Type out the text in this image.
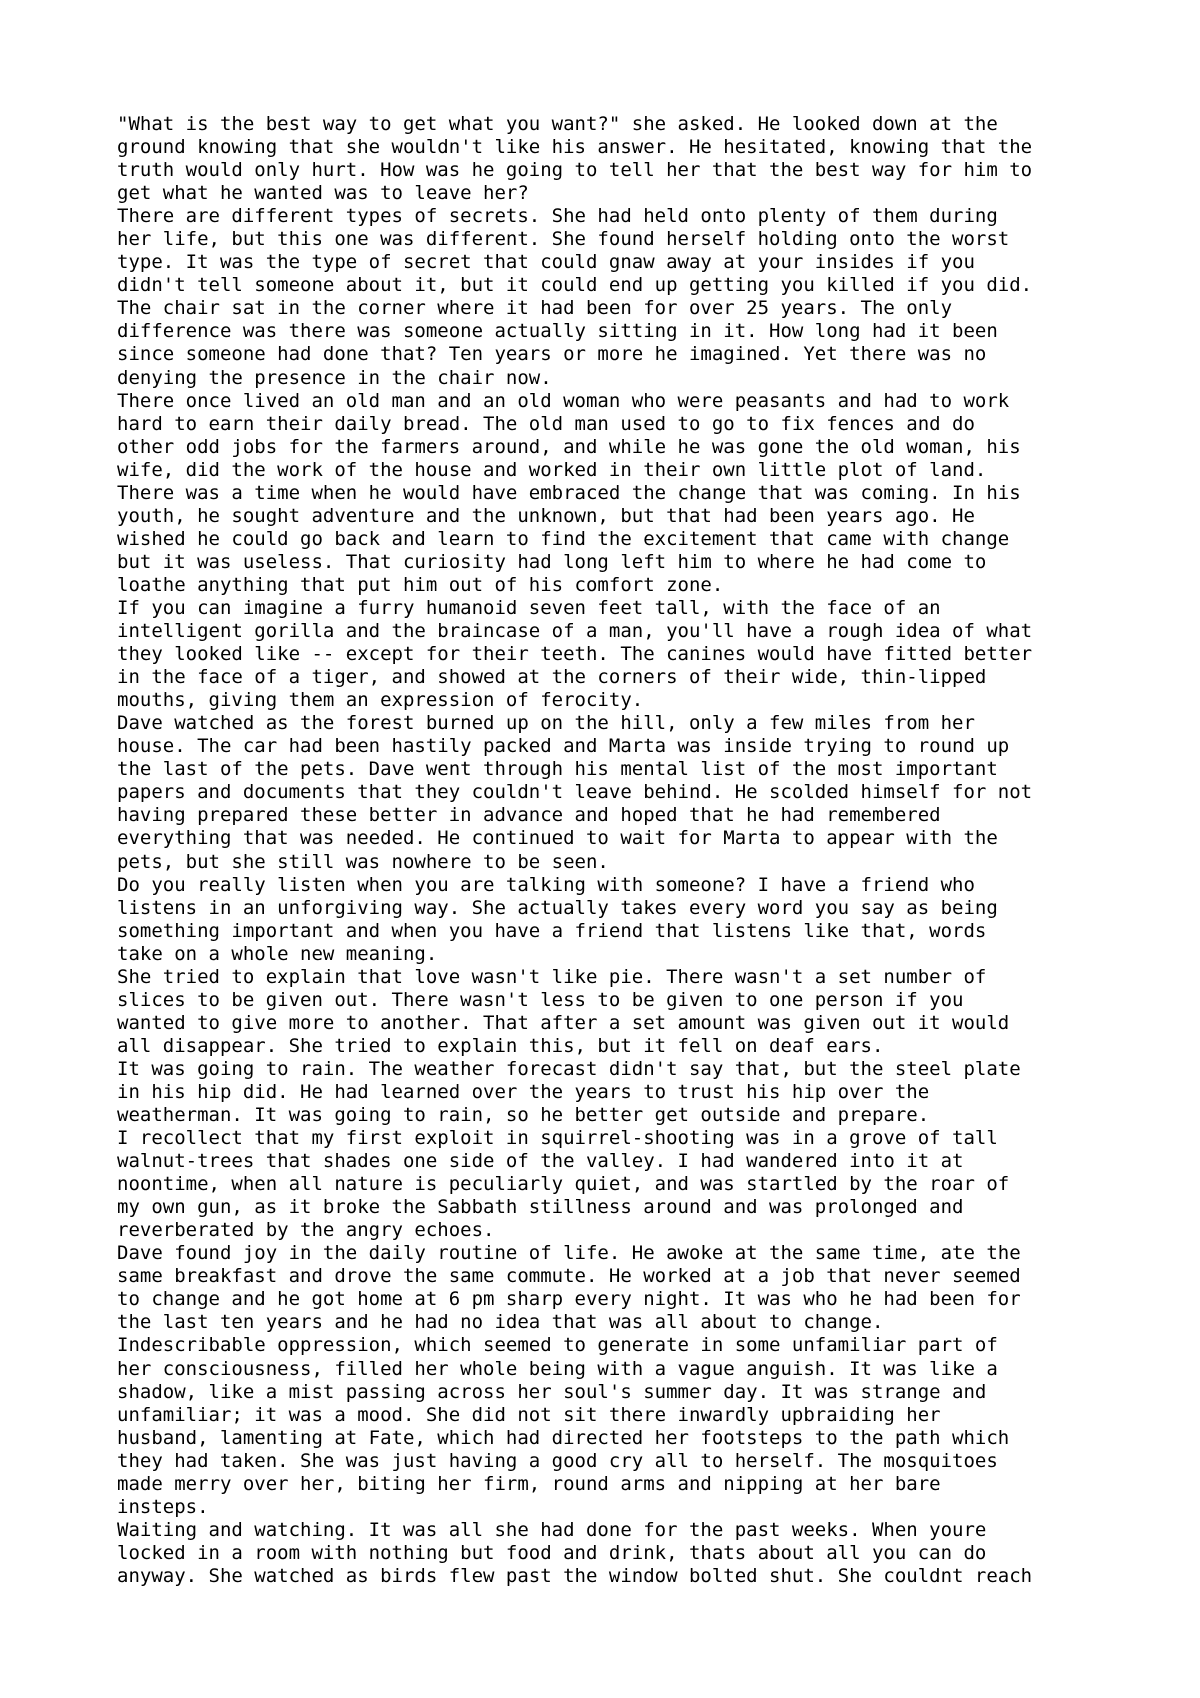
"What is the best way to get what you want?" she asked. He looked down at the
ground knowing that she wouldn't like his answer. He hesitated, knowing that the
truth would only hurt. How was he going to tell her that the best way for him to
get what he wanted was to leave her?
There are different types of secrets. She had held onto plenty of them during
her life, but this one was different. She found herself holding onto the worst
type. It was the type of secret that could gnaw away at your insides if you
didn't tell someone about it, but it could end up getting you killed if you did.
The chair sat in the corner where it had been for over 25 years. The only
difference was there was someone actually sitting in it. How long had it been
since someone had done that? Ten years or more he imagined. Yet there was no
denying the presence in the chair now.
There once lived an old man and an old woman who were peasants and had to work
hard to earn their daily bread. The old man used to go to fix fences and do
other odd jobs for the farmers around, and while he was gone the old woman, his
wife, did the work of the house and worked in their own little plot of land.
There was a time when he would have embraced the change that was coming. In his
youth, he sought adventure and the unknown, but that had been years ago. He
wished he could go back and learn to find the excitement that came with change
but it was useless. That curiosity had long left him to where he had come to
loathe anything that put him out of his comfort zone.
If you can imagine a furry humanoid seven feet tall, with the face of an
intelligent gorilla and the braincase of a man, you'll have a rough idea of what
they looked like -- except for their teeth. The canines would have fitted better
in the face of a tiger, and showed at the corners of their wide, thin-lipped
mouths, giving them an expression of ferocity.
Dave watched as the forest burned up on the hill, only a few miles from her
house. The car had been hastily packed and Marta was inside trying to round up
the last of the pets. Dave went through his mental list of the most important
papers and documents that they couldn't leave behind. He scolded himself for not
having prepared these better in advance and hoped that he had remembered
everything that was needed. He continued to wait for Marta to appear with the
pets, but she still was nowhere to be seen.
Do you really listen when you are talking with someone? I have a friend who
listens in an unforgiving way. She actually takes every word you say as being
something important and when you have a friend that listens like that, words
take on a whole new meaning.
She tried to explain that love wasn't like pie. There wasn't a set number of
slices to be given out. There wasn't less to be given to one person if you
wanted to give more to another. That after a set amount was given out it would
all disappear. She tried to explain this, but it fell on deaf ears.
It was going to rain. The weather forecast didn't say that, but the steel plate
in his hip did. He had learned over the years to trust his hip over the
weatherman. It was going to rain, so he better get outside and prepare.
I recollect that my first exploit in squirrel-shooting was in a grove of tall
walnut-trees that shades one side of the valley. I had wandered into it at
noontime, when all nature is peculiarly quiet, and was startled by the roar of
my own gun, as it broke the Sabbath stillness around and was prolonged and
reverberated by the angry echoes.
Dave found joy in the daily routine of life. He awoke at the same time, ate the
same breakfast and drove the same commute. He worked at a job that never seemed
to change and he got home at 6 pm sharp every night. It was who he had been for
the last ten years and he had no idea that was all about to change.
Indescribable oppression, which seemed to generate in some unfamiliar part of
her consciousness, filled her whole being with a vague anguish. It was like a
shadow, like a mist passing across her soul's summer day. It was strange and
unfamiliar; it was a mood. She did not sit there inwardly upbraiding her
husband, lamenting at Fate, which had directed her footsteps to the path which
they had taken. She was just having a good cry all to herself. The mosquitoes
made merry over her, biting her firm, round arms and nipping at her bare
insteps.
Waiting and watching. It was all she had done for the past weeks. When youre
locked in a room with nothing but food and drink, thats about all you can do
anyway. She watched as birds flew past the window bolted shut. She couldnt reach
